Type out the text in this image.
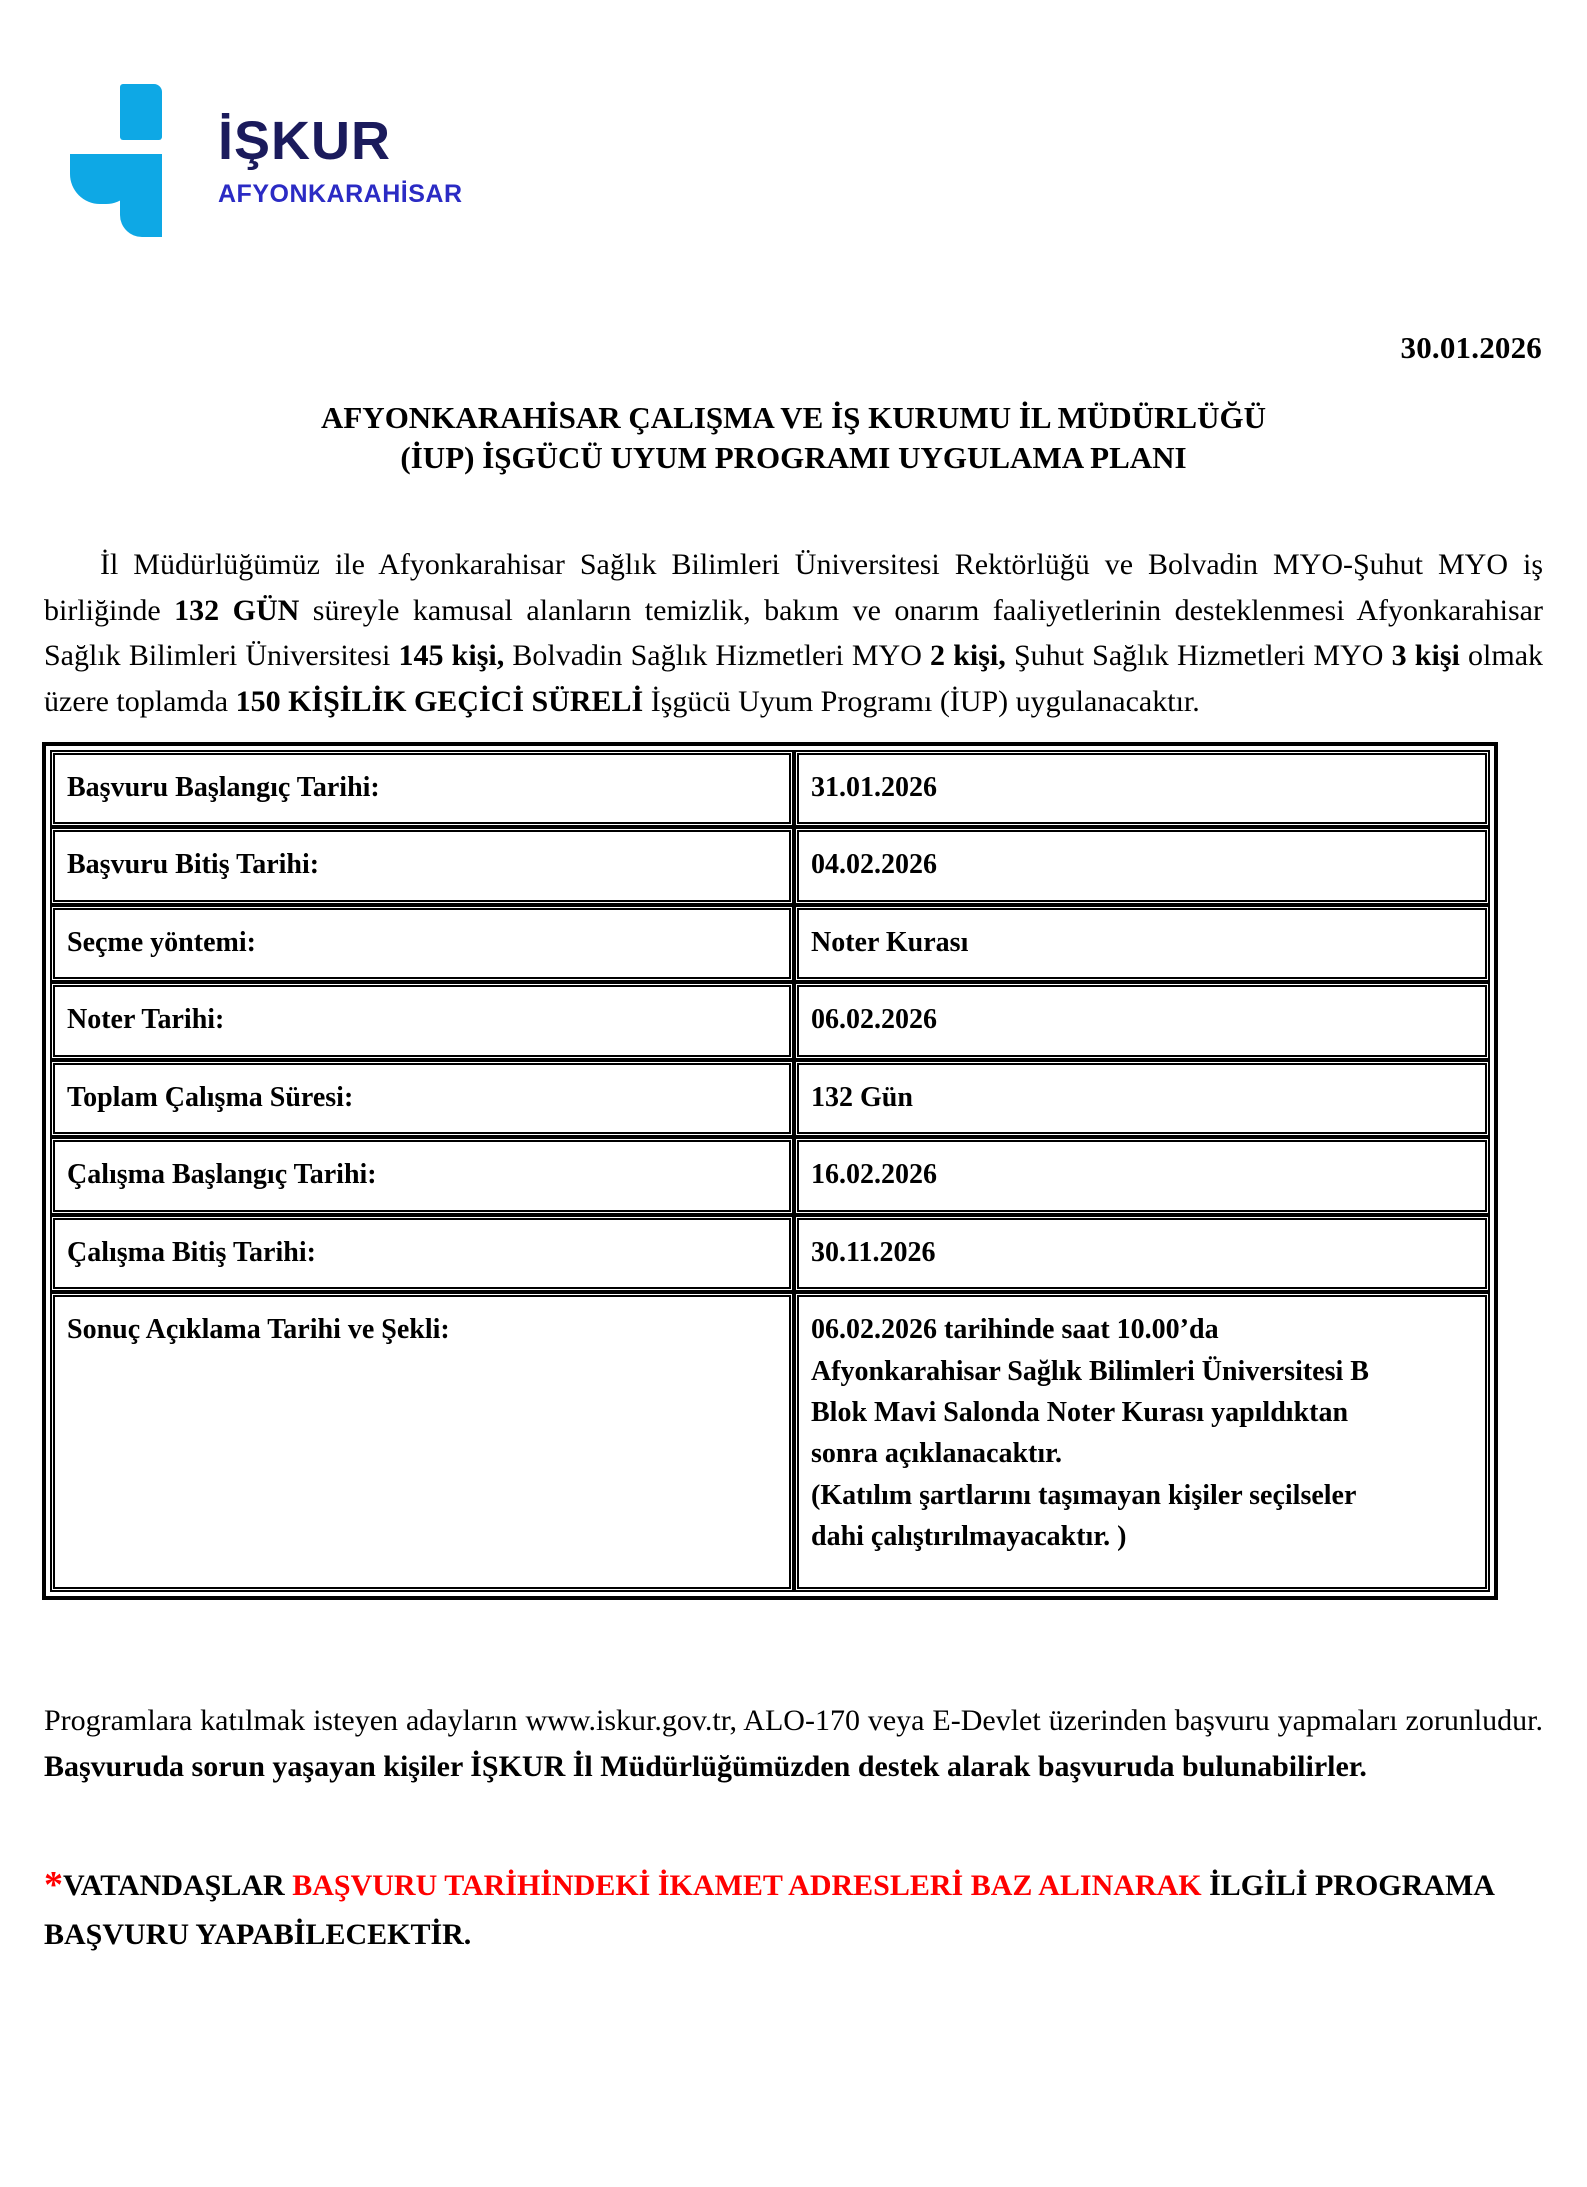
İŞKUR
AFYONKARAHİSAR
30.01.2026
AFYONKARAHİSAR ÇALIŞMA VE İŞ KURUMU İL MÜDÜRLÜĞÜ
(İUP) İŞGÜCÜ UYUM PROGRAMI UYGULAMA PLANI

İl Müdürlüğümüz ile Afyonkarahisar Sağlık Bilimleri Üniversitesi Rektörlüğü ve Bolvadin MYO-Şuhut MYO iş birliğinde 132 GÜN süreyle kamusal alanların temizlik, bakım ve onarım faaliyetlerinin desteklenmesi Afyonkarahisar Sağlık Bilimleri Üniversitesi 145 kişi, Bolvadin Sağlık Hizmetleri MYO 2 kişi, Şuhut Sağlık Hizmetleri MYO 3 kişi olmak üzere toplamda 150 KİŞİLİK GEÇİCİ SÜRELİ İşgücü Uyum Programı (İUP) uygulanacaktır.

Başvuru Başlangıç Tarihi:	31.01.2026
Başvuru Bitiş Tarihi:	04.02.2026
Seçme yöntemi:	Noter Kurası
Noter Tarihi:	06.02.2026
Toplam Çalışma Süresi:	132 Gün
Çalışma Başlangıç Tarihi:	16.02.2026
Çalışma Bitiş Tarihi:	30.11.2026
Sonuç Açıklama Tarihi ve Şekli:	06.02.2026 tarihinde saat 10.00’da
Afyonkarahisar Sağlık Bilimleri Üniversitesi B
Blok Mavi Salonda Noter Kurası yapıldıktan
sonra açıklanacaktır.
(Katılım şartlarını taşımayan kişiler seçilseler
dahi çalıştırılmayacaktır. )

Programlara katılmak isteyen adayların www.iskur.gov.tr, ALO-170 veya E-Devlet üzerinden başvuru yapmaları zorunludur. Başvuruda sorun yaşayan kişiler İŞKUR İl Müdürlüğümüzden destek alarak başvuruda bulunabilirler.

*VATANDAŞLAR BAŞVURU TARİHİNDEKİ İKAMET ADRESLERİ BAZ ALINARAK İLGİLİ PROGRAMA BAŞVURU YAPABİLECEKTİR.
